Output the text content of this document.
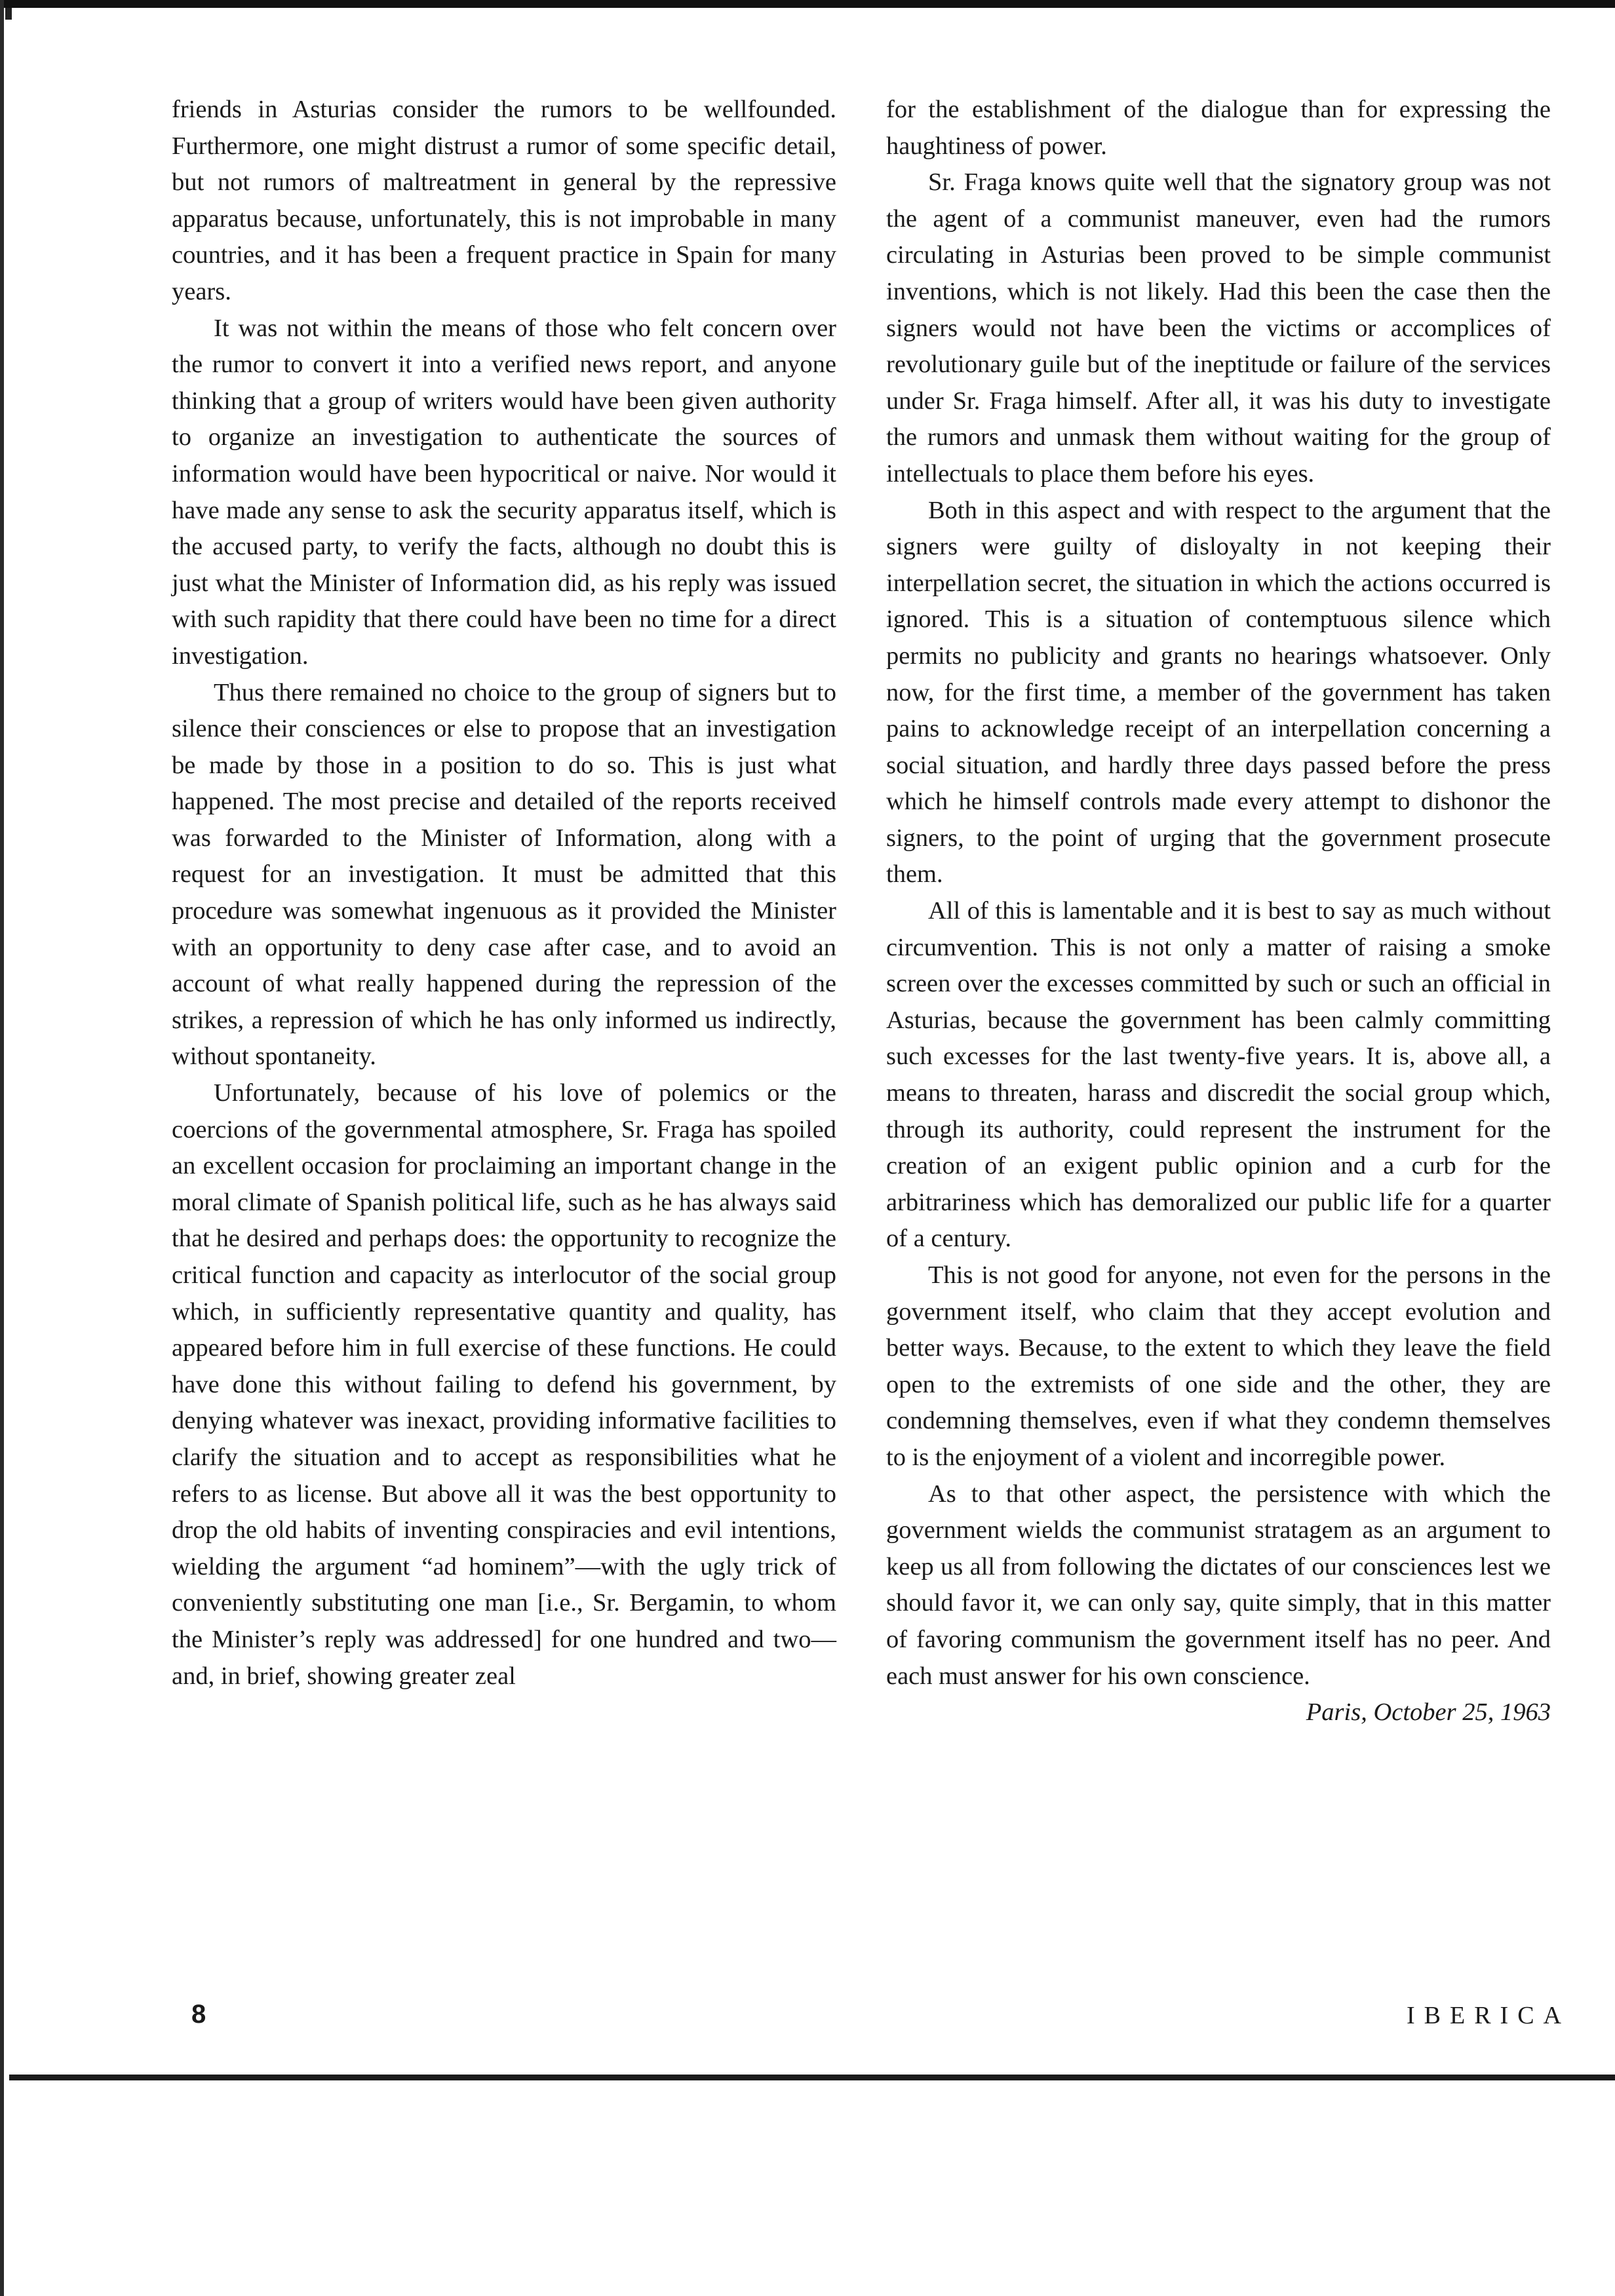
friends in Asturias consider the rumors to be wellfounded. Furthermore, one might distrust a rumor of some specific detail, but not rumors of maltreatment in general by the repressive apparatus because, unfortunately, this is not improbable in many countries, and it has been a frequent practice in Spain for many years.

It was not within the means of those who felt concern over the rumor to convert it into a verified news report, and anyone thinking that a group of writers would have been given authority to organize an investigation to authenticate the sources of information would have been hypocritical or naive. Nor would it have made any sense to ask the security apparatus itself, which is the accused party, to verify the facts, although no doubt this is just what the Minister of Information did, as his reply was issued with such rapidity that there could have been no time for a direct investigation.

Thus there remained no choice to the group of signers but to silence their consciences or else to propose that an investigation be made by those in a position to do so. This is just what happened. The most precise and detailed of the reports received was forwarded to the Minister of Information, along with a request for an investigation. It must be admitted that this procedure was somewhat ingenuous as it provided the Minister with an opportunity to deny case after case, and to avoid an account of what really happened during the repression of the strikes, a repression of which he has only informed us indirectly, without spontaneity.

Unfortunately, because of his love of polemics or the coercions of the governmental atmosphere, Sr. Fraga has spoiled an excellent occasion for proclaiming an important change in the moral climate of Spanish political life, such as he has always said that he desired and perhaps does: the opportunity to recognize the critical function and capacity as interlocutor of the social group which, in sufficiently representative quantity and quality, has appeared before him in full exercise of these functions. He could have done this without failing to defend his government, by denying whatever was inexact, providing informative facilities to clarify the situation and to accept as responsibilities what he refers to as license. But above all it was the best opportunity to drop the old habits of inventing conspiracies and evil intentions, wielding the argument “ad hominem”—with the ugly trick of conveniently substituting one man [i.e., Sr. Bergamin, to whom the Minister’s reply was addressed] for one hundred and two—and, in brief, showing greater zeal

for the establishment of the dialogue than for expressing the haughtiness of power.

Sr. Fraga knows quite well that the signatory group was not the agent of a communist maneuver, even had the rumors circulating in Asturias been proved to be simple communist inventions, which is not likely. Had this been the case then the signers would not have been the victims or accomplices of revolutionary guile but of the ineptitude or failure of the services under Sr. Fraga himself. After all, it was his duty to investigate the rumors and unmask them without waiting for the group of intellectuals to place them before his eyes.

Both in this aspect and with respect to the argument that the signers were guilty of disloyalty in not keeping their interpellation secret, the situation in which the actions occurred is ignored. This is a situation of contemptuous silence which permits no publicity and grants no hearings whatsoever. Only now, for the first time, a member of the government has taken pains to acknowledge receipt of an interpellation concerning a social situation, and hardly three days passed before the press which he himself controls made every attempt to dishonor the signers, to the point of urging that the government prosecute them.

All of this is lamentable and it is best to say as much without circumvention. This is not only a matter of raising a smoke screen over the excesses committed by such or such an official in Asturias, because the government has been calmly committing such excesses for the last twenty-five years. It is, above all, a means to threaten, harass and discredit the social group which, through its authority, could represent the instrument for the creation of an exigent public opinion and a curb for the arbitrariness which has demoralized our public life for a quarter of a century.

This is not good for anyone, not even for the persons in the government itself, who claim that they accept evolution and better ways. Because, to the extent to which they leave the field open to the extremists of one side and the other, they are condemning themselves, even if what they condemn themselves to is the enjoyment of a violent and incorregible power.

As to that other aspect, the persistence with which the government wields the communist stratagem as an argument to keep us all from following the dictates of our consciences lest we should favor it, we can only say, quite simply, that in this matter of favoring communism the government itself has no peer. And each must answer for his own conscience.

Paris, October 25, 1963

8	IBERICA
